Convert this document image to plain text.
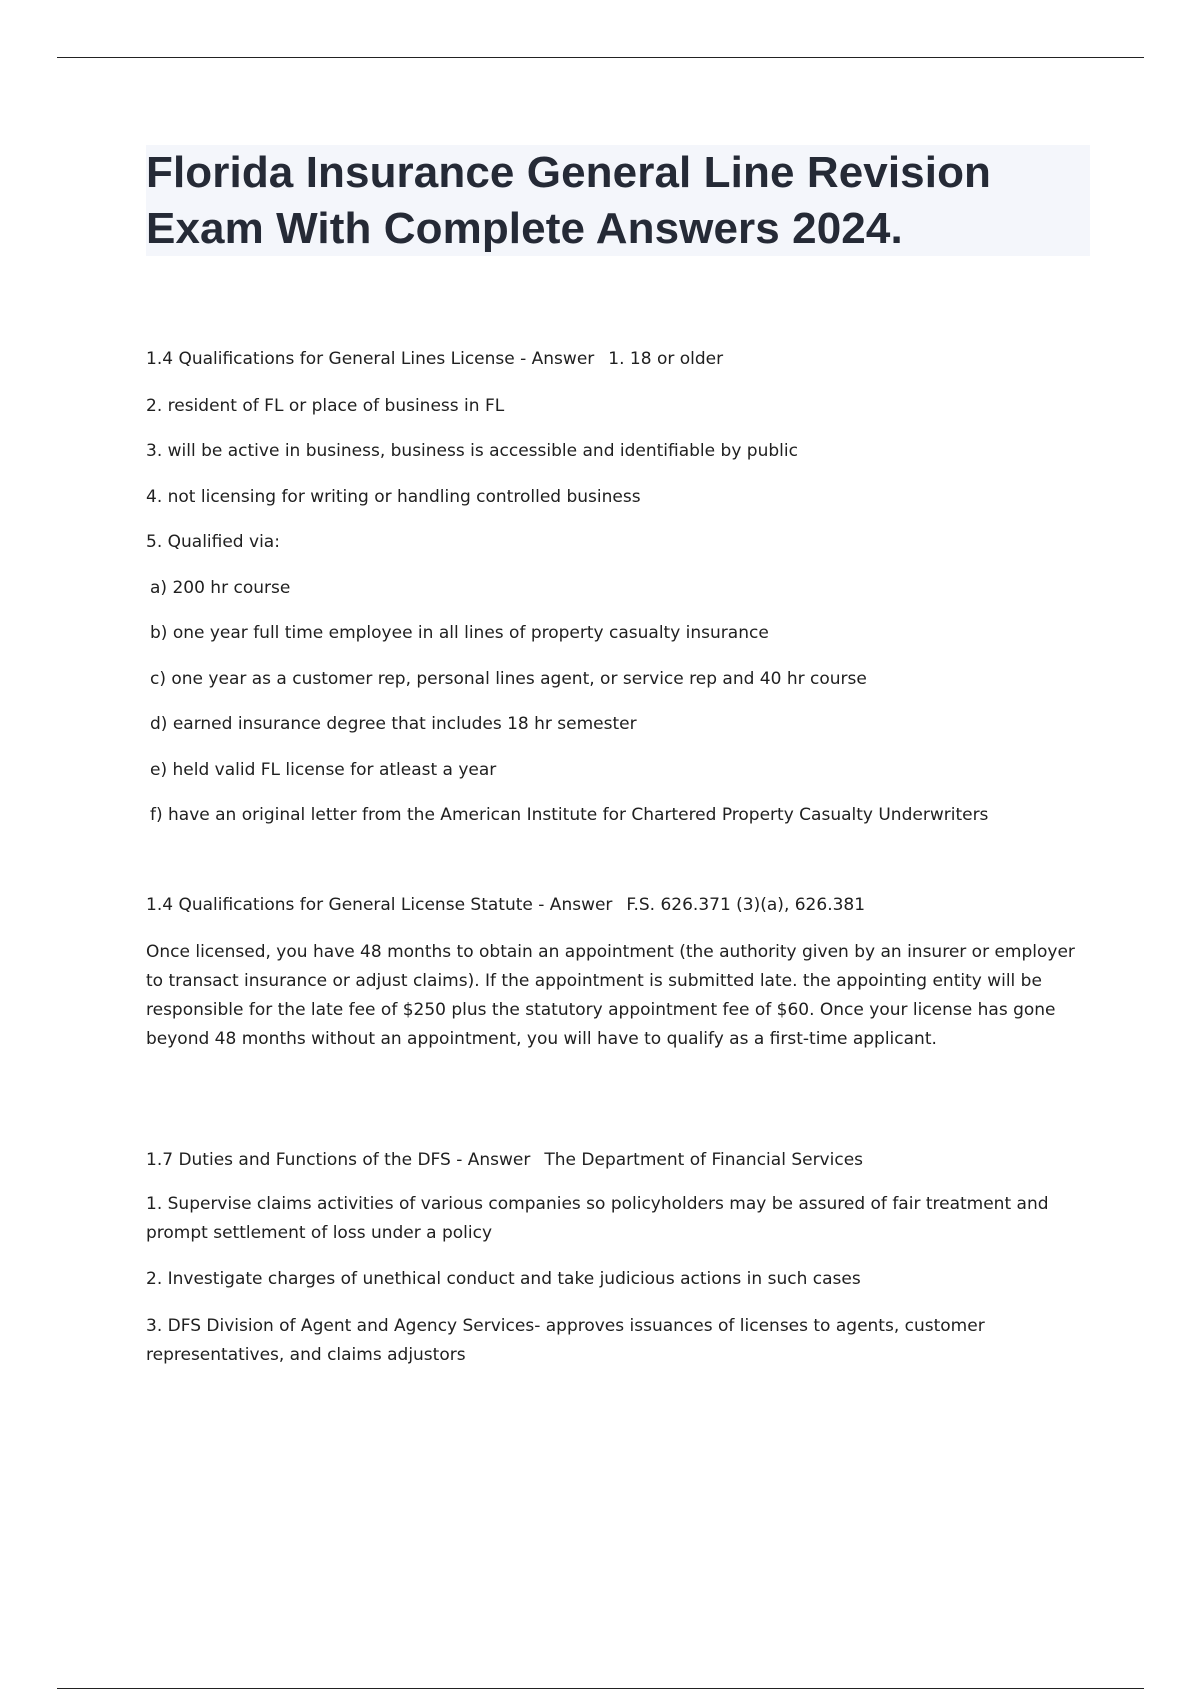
Florida Insurance General Line Revision
Exam With Complete Answers 2024.

1.4 Qualifications for General Lines License - Answer 1. 18 or older

2. resident of FL or place of business in FL

3. will be active in business, business is accessible and identifiable by public

4. not licensing for writing or handling controlled business

5. Qualified via:

a) 200 hr course

b) one year full time employee in all lines of property casualty insurance

c) one year as a customer rep, personal lines agent, or service rep and 40 hr course

d) earned insurance degree that includes 18 hr semester

e) held valid FL license for atleast a year

f) have an original letter from the American Institute for Chartered Property Casualty Underwriters

1.4 Qualifications for General License Statute - Answer F.S. 626.371 (3)(a), 626.381

Once licensed, you have 48 months to obtain an appointment (the authority given by an insurer or employer to transact insurance or adjust claims). If the appointment is submitted late. the appointing entity will be responsible for the late fee of $250 plus the statutory appointment fee of $60. Once your license has gone beyond 48 months without an appointment, you will have to qualify as a first-time applicant.

1.7 Duties and Functions of the DFS - Answer The Department of Financial Services

1. Supervise claims activities of various companies so policyholders may be assured of fair treatment and prompt settlement of loss under a policy

2. Investigate charges of unethical conduct and take judicious actions in such cases

3. DFS Division of Agent and Agency Services- approves issuances of licenses to agents, customer representatives, and claims adjustors
